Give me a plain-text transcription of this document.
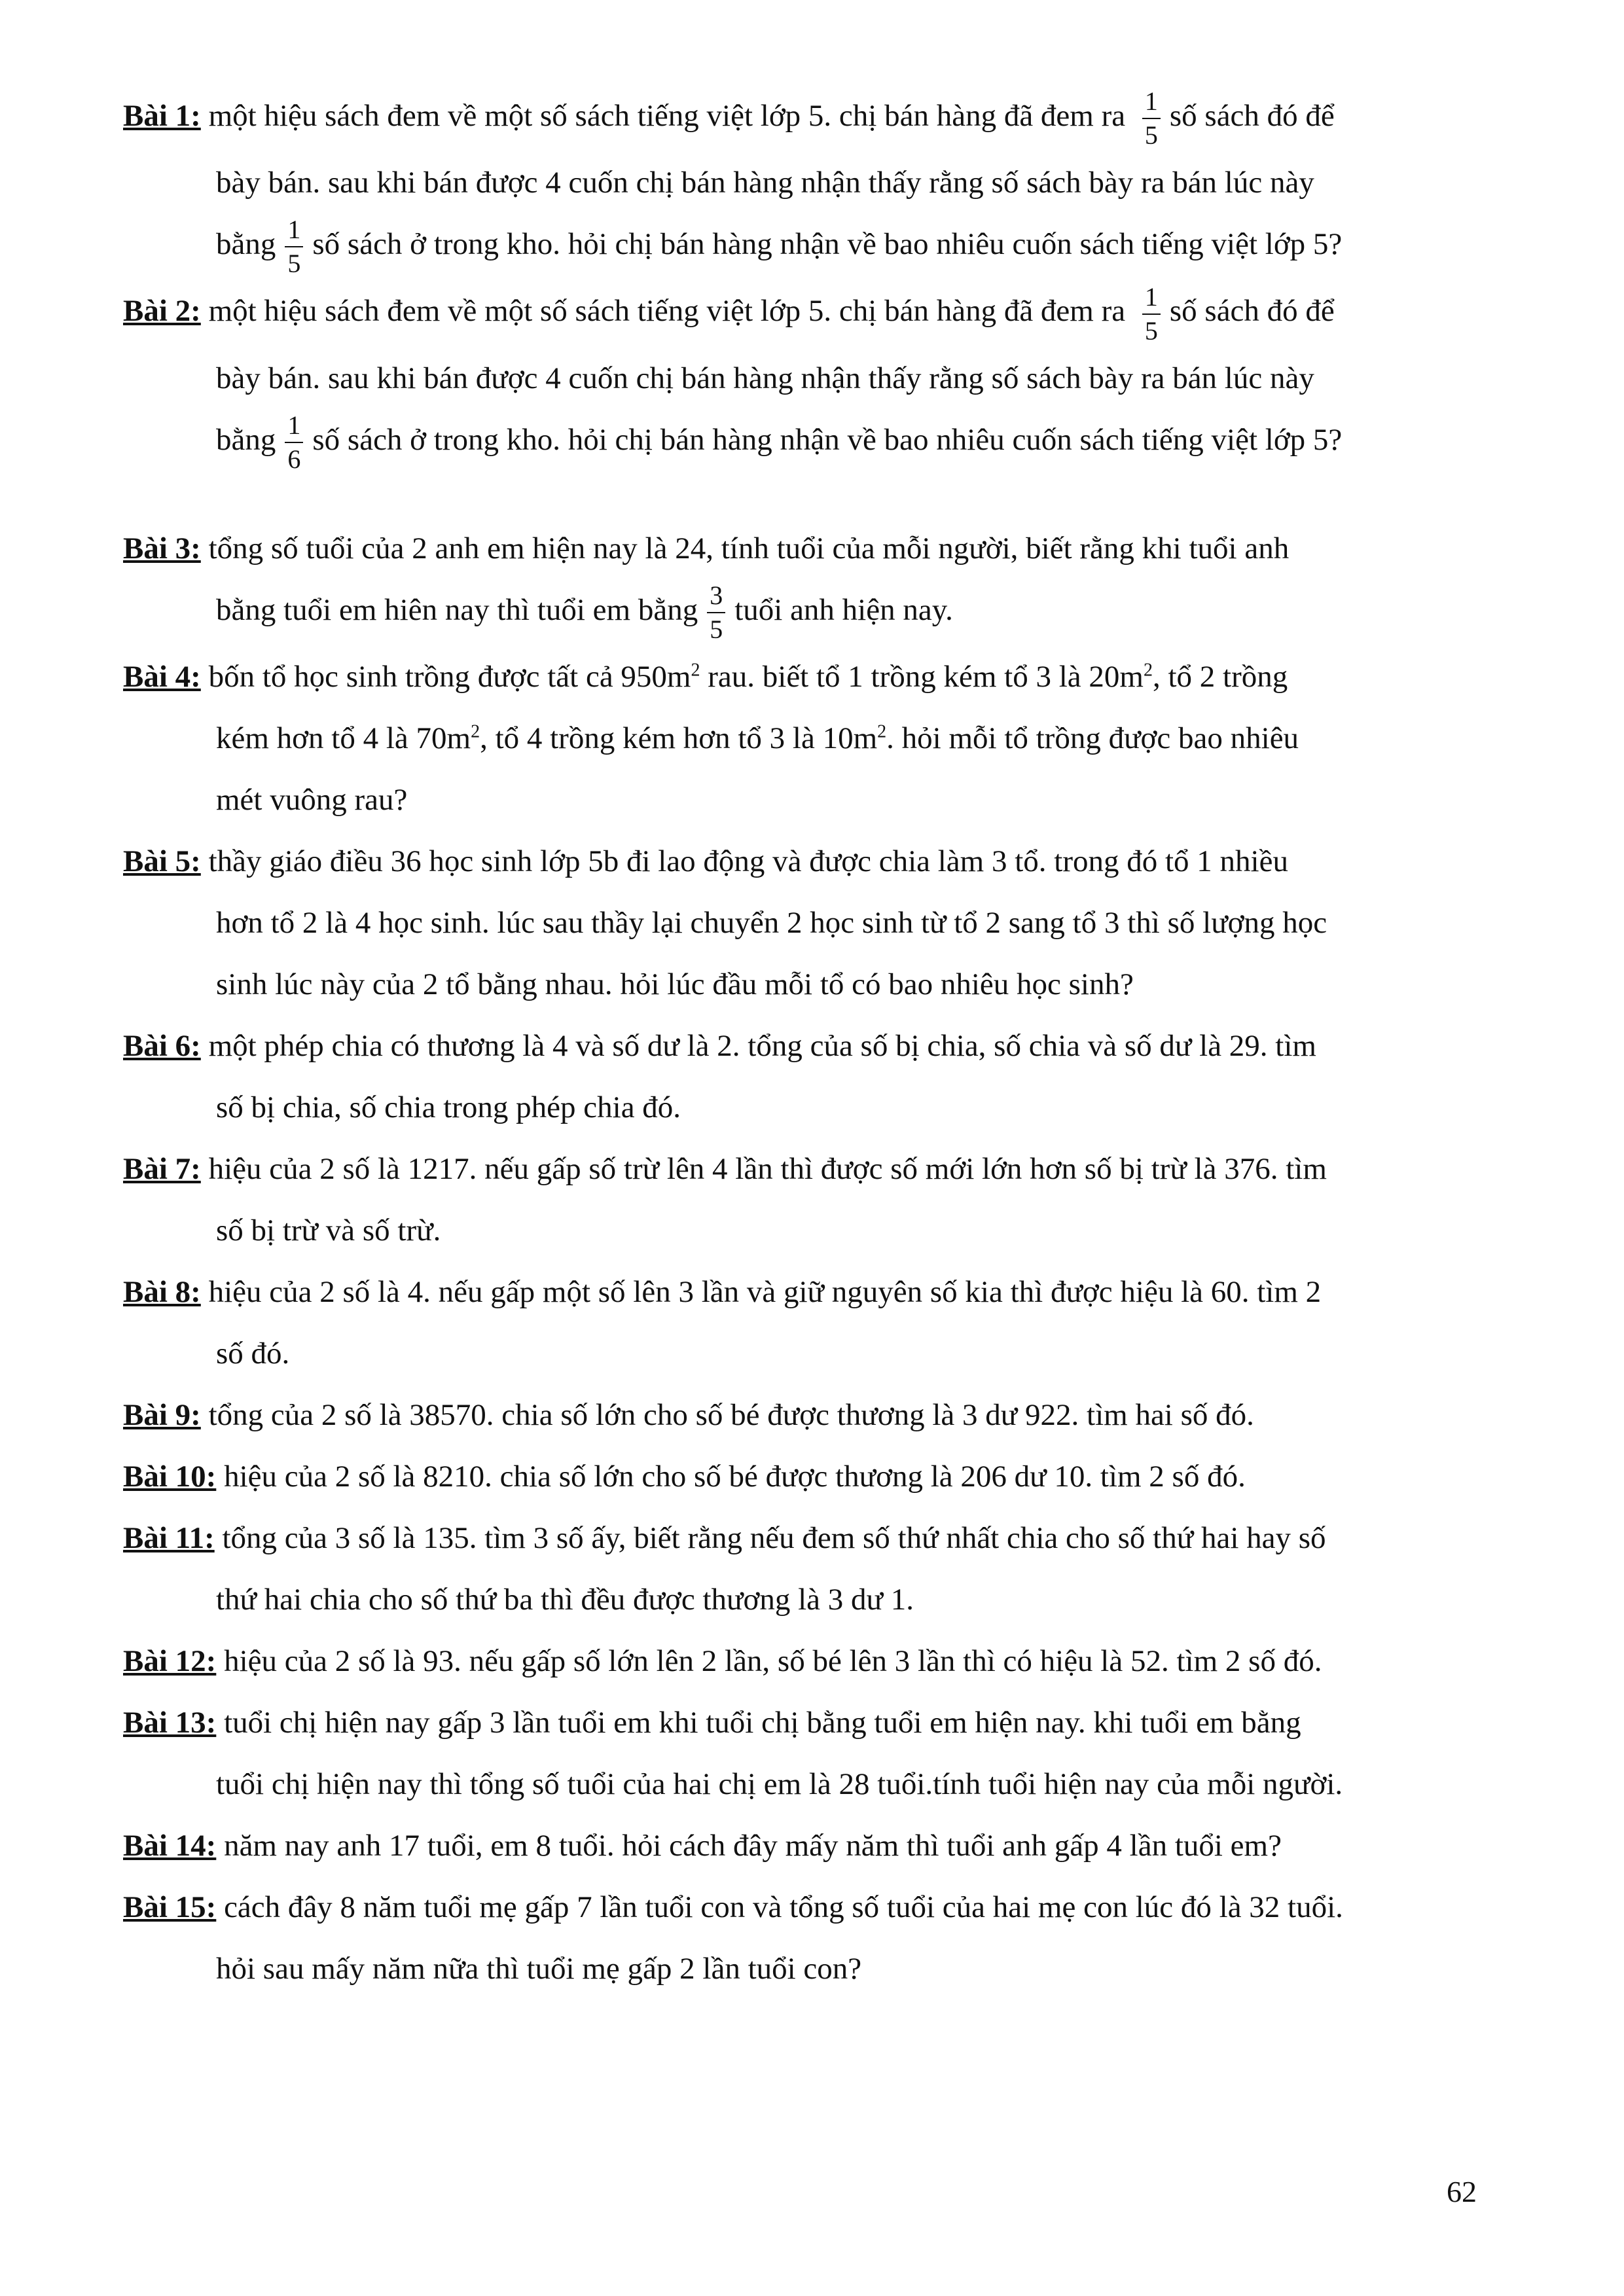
Bài 1: một hiệu sách đem về một số sách tiếng việt lớp 5. chị bán hàng đã đem ra $\frac{1}{5}$ số sách đó để
bày bán. sau khi bán được 4 cuốn chị bán hàng nhận thấy rằng số sách bày ra bán lúc này
bằng $\frac{1}{5}$ số sách ở trong kho. hỏi chị bán hàng nhận về bao nhiêu cuốn sách tiếng việt lớp 5?
Bài 2: một hiệu sách đem về một số sách tiếng việt lớp 5. chị bán hàng đã đem ra $\frac{1}{5}$ số sách đó để
bày bán. sau khi bán được 4 cuốn chị bán hàng nhận thấy rằng số sách bày ra bán lúc này
bằng $\frac{1}{6}$ số sách ở trong kho. hỏi chị bán hàng nhận về bao nhiêu cuốn sách tiếng việt lớp 5?
Bài 3: tổng số tuổi của 2 anh em hiện nay là 24, tính tuổi của mỗi người, biết rằng khi tuổi anh
bằng tuổi em hiên nay thì tuổi em bằng $\frac{3}{5}$ tuổi anh hiện nay.
Bài 4: bốn tổ học sinh trồng được tất cả $950m^2$ rau. biết tổ 1 trồng kém tổ 3 là $20m^2$, tổ 2 trồng
kém hơn tổ 4 là $70m^2$, tổ 4 trồng kém hơn tổ 3 là $10m^2$. hỏi mỗi tổ trồng được bao nhiêu
mét vuông rau?
Bài 5: thầy giáo điều 36 học sinh lớp 5b đi lao động và được chia làm 3 tổ. trong đó tổ 1 nhiều
hơn tổ 2 là 4 học sinh. lúc sau thầy lại chuyển 2 học sinh từ tổ 2 sang tổ 3 thì số lượng học
sinh lúc này của 2 tổ bằng nhau. hỏi lúc đầu mỗi tổ có bao nhiêu học sinh?
Bài 6: một phép chia có thương là 4 và số dư là 2. tổng của số bị chia, số chia và số dư là 29. tìm
số bị chia, số chia trong phép chia đó.
Bài 7: hiệu của 2 số là 1217. nếu gấp số trừ lên 4 lần thì được số mới lớn hơn số bị trừ là 376. tìm
số bị trừ và số trừ.
Bài 8: hiệu của 2 số là 4. nếu gấp một số lên 3 lần và giữ nguyên số kia thì được hiệu là 60. tìm 2
số đó.
Bài 9: tổng của 2 số là 38570. chia số lớn cho số bé được thương là 3 dư 922. tìm hai số đó.
Bài 10: hiệu của 2 số là 8210. chia số lớn cho số bé được thương là 206 dư 10. tìm 2 số đó.
Bài 11: tổng của 3 số là 135. tìm 3 số ấy, biết rằng nếu đem số thứ nhất chia cho số thứ hai hay số
thứ hai chia cho số thứ ba thì đều được thương là 3 dư 1.
Bài 12: hiệu của 2 số là 93. nếu gấp số lớn lên 2 lần, số bé lên 3 lần thì có hiệu là 52. tìm 2 số đó.
Bài 13: tuổi chị hiện nay gấp 3 lần tuổi em khi tuổi chị bằng tuổi em hiện nay. khi tuổi em bằng
tuổi chị hiện nay thì tổng số tuổi của hai chị em là 28 tuổi.tính tuổi hiện nay của mỗi người.
Bài 14: năm nay anh 17 tuổi, em 8 tuổi. hỏi cách đây mấy năm thì tuổi anh gấp 4 lần tuổi em?
Bài 15: cách đây 8 năm tuổi mẹ gấp 7 lần tuổi con và tổng số tuổi của hai mẹ con lúc đó là 32 tuổi.
hỏi sau mấy năm nữa thì tuổi mẹ gấp 2 lần tuổi con?
62
